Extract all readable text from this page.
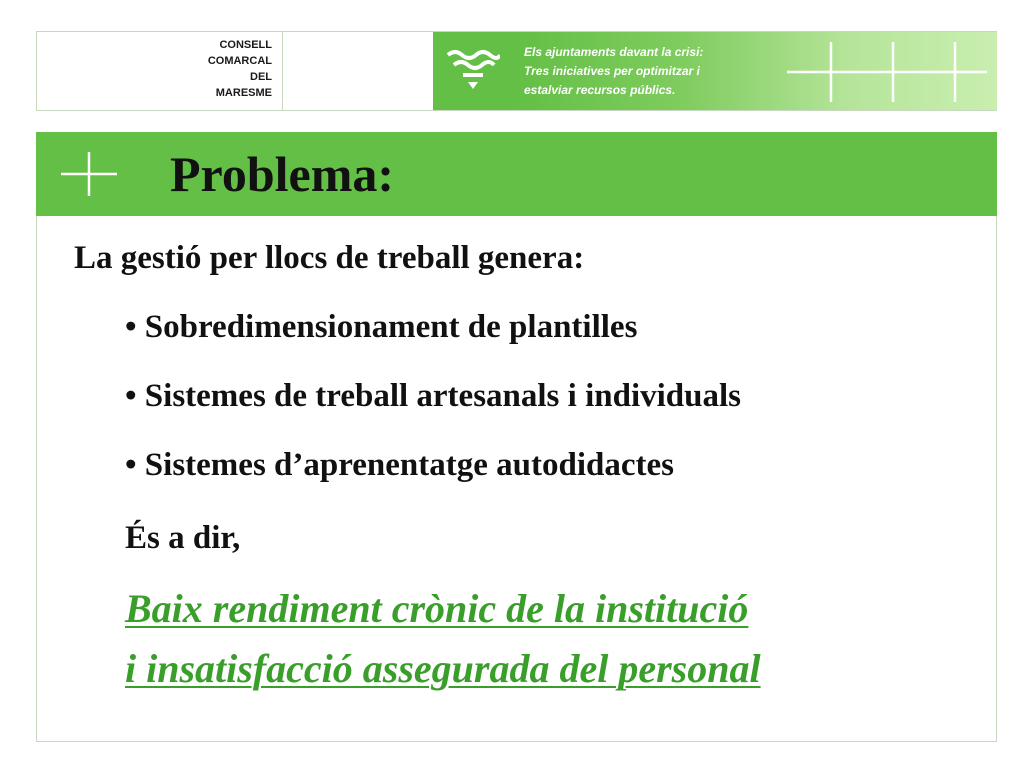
CONSELL
COMARCAL
DEL
MARESME
Els ajuntaments davant la crisi:
Tres iniciatives per optimitzar i
estalviar recursos públics.
Problema:
La gestió per llocs de treball genera:
• Sobredimensionament de plantilles
• Sistemes de treball artesanals i individuals
• Sistemes d’aprenentatge autodidactes
És a dir,
Baix rendiment crònic de la institució
i insatisfacció assegurada del personal
